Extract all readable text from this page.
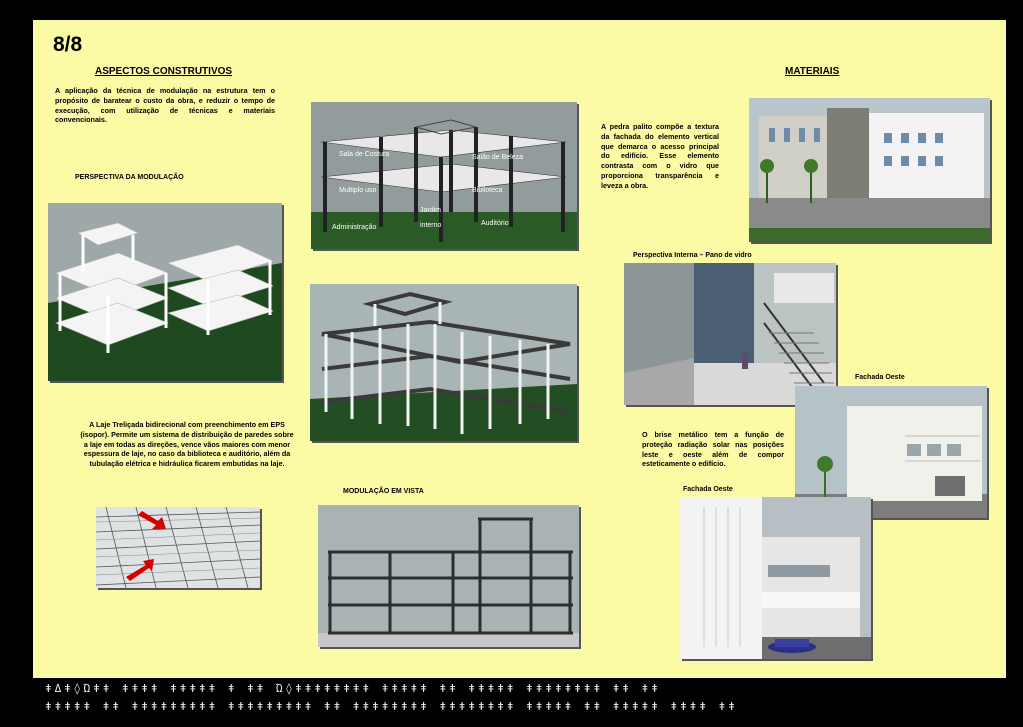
8/8
ASPECTOS CONSTRUTIVOS
A aplicação da técnica de modulação na estrutura tem o propósito de baratear o custo da obra, e reduzir o tempo de execução, com utilização de técnicas e materiais convencionais.
PERSPECTIVA DA MODULAÇÃO
A Laje Treliçada bidirecional com preenchimento em EPS (isopor). Permite um sistema de distribuição de paredes sobre a laje em todas as direções, vence vãos maiores com menor espessura de laje, no caso da biblioteca e auditório, além da tubulação elétrica e hidráulica ficarem embutidas na laje.
Sala de Costura	Salão de Beleza
Multiplo uso	Biblioteca
Jardim
interno
Administração
Auditório
MODULAÇÃO EM VISTA
MATERIAIS
A pedra palito compõe a textura da fachada do elemento vertical que demarca o acesso principal do edifício. Esse elemento contrasta com o vidro que proporciona transparência e leveza a obra.
Perspectiva Interna – Pano de vidro
Fachada Oeste
O brise metálico tem a função de proteção radiação solar nas posições leste e oeste além de compor esteticamente o edifício.
Fachada Oeste
ǂΔǂ◊Ώǂǂ ǂǂǂǂ ǂǂǂǂǂ ǂ ǂǂ Ώ◊ǂǂǂǂǂǂǂǂ ǂǂǂǂǂ ǂǂ ǂǂǂǂǂ ǂǂǂǂǂǂǂǂ ǂǂ ǂǂ
ǂǂǂǂǂ ǂǂ ǂǂǂǂǂǂǂǂǂ ǂǂǂǂǂǂǂǂǂ ǂǂ ǂǂǂǂǂǂǂǂ ǂǂǂǂǂǂǂǂ ǂǂǂǂǂ ǂǂ ǂǂǂǂǂ ǂǂǂǂ ǂǂ
